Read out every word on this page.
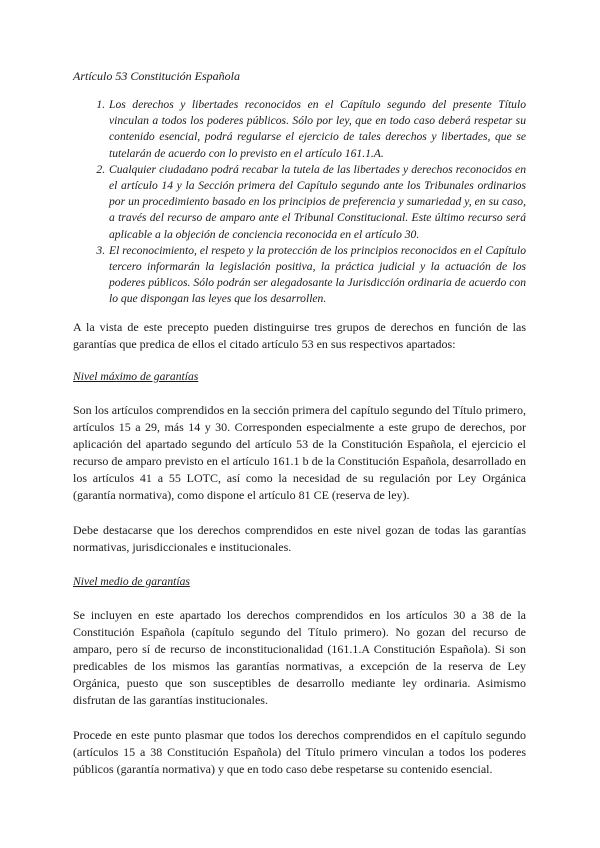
Artículo 53 Constitución Española
1. Los derechos y libertades reconocidos en el Capítulo segundo del presente Título vinculan a todos los poderes públicos. Sólo por ley, que en todo caso deberá respetar su contenido esencial, podrá regularse el ejercicio de tales derechos y libertades, que se tutelarán de acuerdo con lo previsto en el artículo 161.1.A.
2. Cualquier ciudadano podrá recabar la tutela de las libertades y derechos reconocidos en el artículo 14 y la Sección primera del Capítulo segundo ante los Tribunales ordinarios por un procedimiento basado en los principios de preferencia y sumariedad y, en su caso, a través del recurso de amparo ante el Tribunal Constitucional. Este último recurso será aplicable a la objeción de conciencia reconocida en el artículo 30.
3. El reconocimiento, el respeto y la protección de los principios reconocidos en el Capítulo tercero informarán la legislación positiva, la práctica judicial y la actuación de los poderes públicos. Sólo podrán ser alegadosante la Jurisdicción ordinaria de acuerdo con lo que dispongan las leyes que los desarrollen.

A la vista de este precepto pueden distinguirse tres grupos de derechos en función de las garantías que predica de ellos el citado artículo 53 en sus respectivos apartados:

Nivel máximo de garantías

Son los artículos comprendidos en la sección primera del capítulo segundo del Título primero, artículos 15 a 29, más 14 y 30. Corresponden especialmente a este grupo de derechos, por aplicación del apartado segundo del artículo 53 de la Constitución Española, el ejercicio el recurso de amparo previsto en el artículo 161.1 b de la Constitución Española, desarrollado en los artículos 41 a 55 LOTC, así como la necesidad de su regulación por Ley Orgánica (garantía normativa), como dispone el artículo 81 CE (reserva de ley).

Debe destacarse que los derechos comprendidos en este nivel gozan de todas las garantías normativas, jurisdiccionales e institucionales.

Nivel medio de garantías

Se incluyen en este apartado los derechos comprendidos en los artículos 30 a 38 de la Constitución Española (capítulo segundo del Título primero). No gozan del recurso de amparo, pero sí de recurso de inconstitucionalidad (161.1.A Constitución Española). Si son predicables de los mismos las garantías normativas, a excepción de la reserva de Ley Orgánica, puesto que son susceptibles de desarrollo mediante ley ordinaria. Asimismo disfrutan de las garantías institucionales.

Procede en este punto plasmar que todos los derechos comprendidos en el capítulo segundo (artículos 15 a 38 Constitución Española) del Título primero vinculan a todos los poderes públicos (garantía normativa) y que en todo caso debe respetarse su contenido esencial.
